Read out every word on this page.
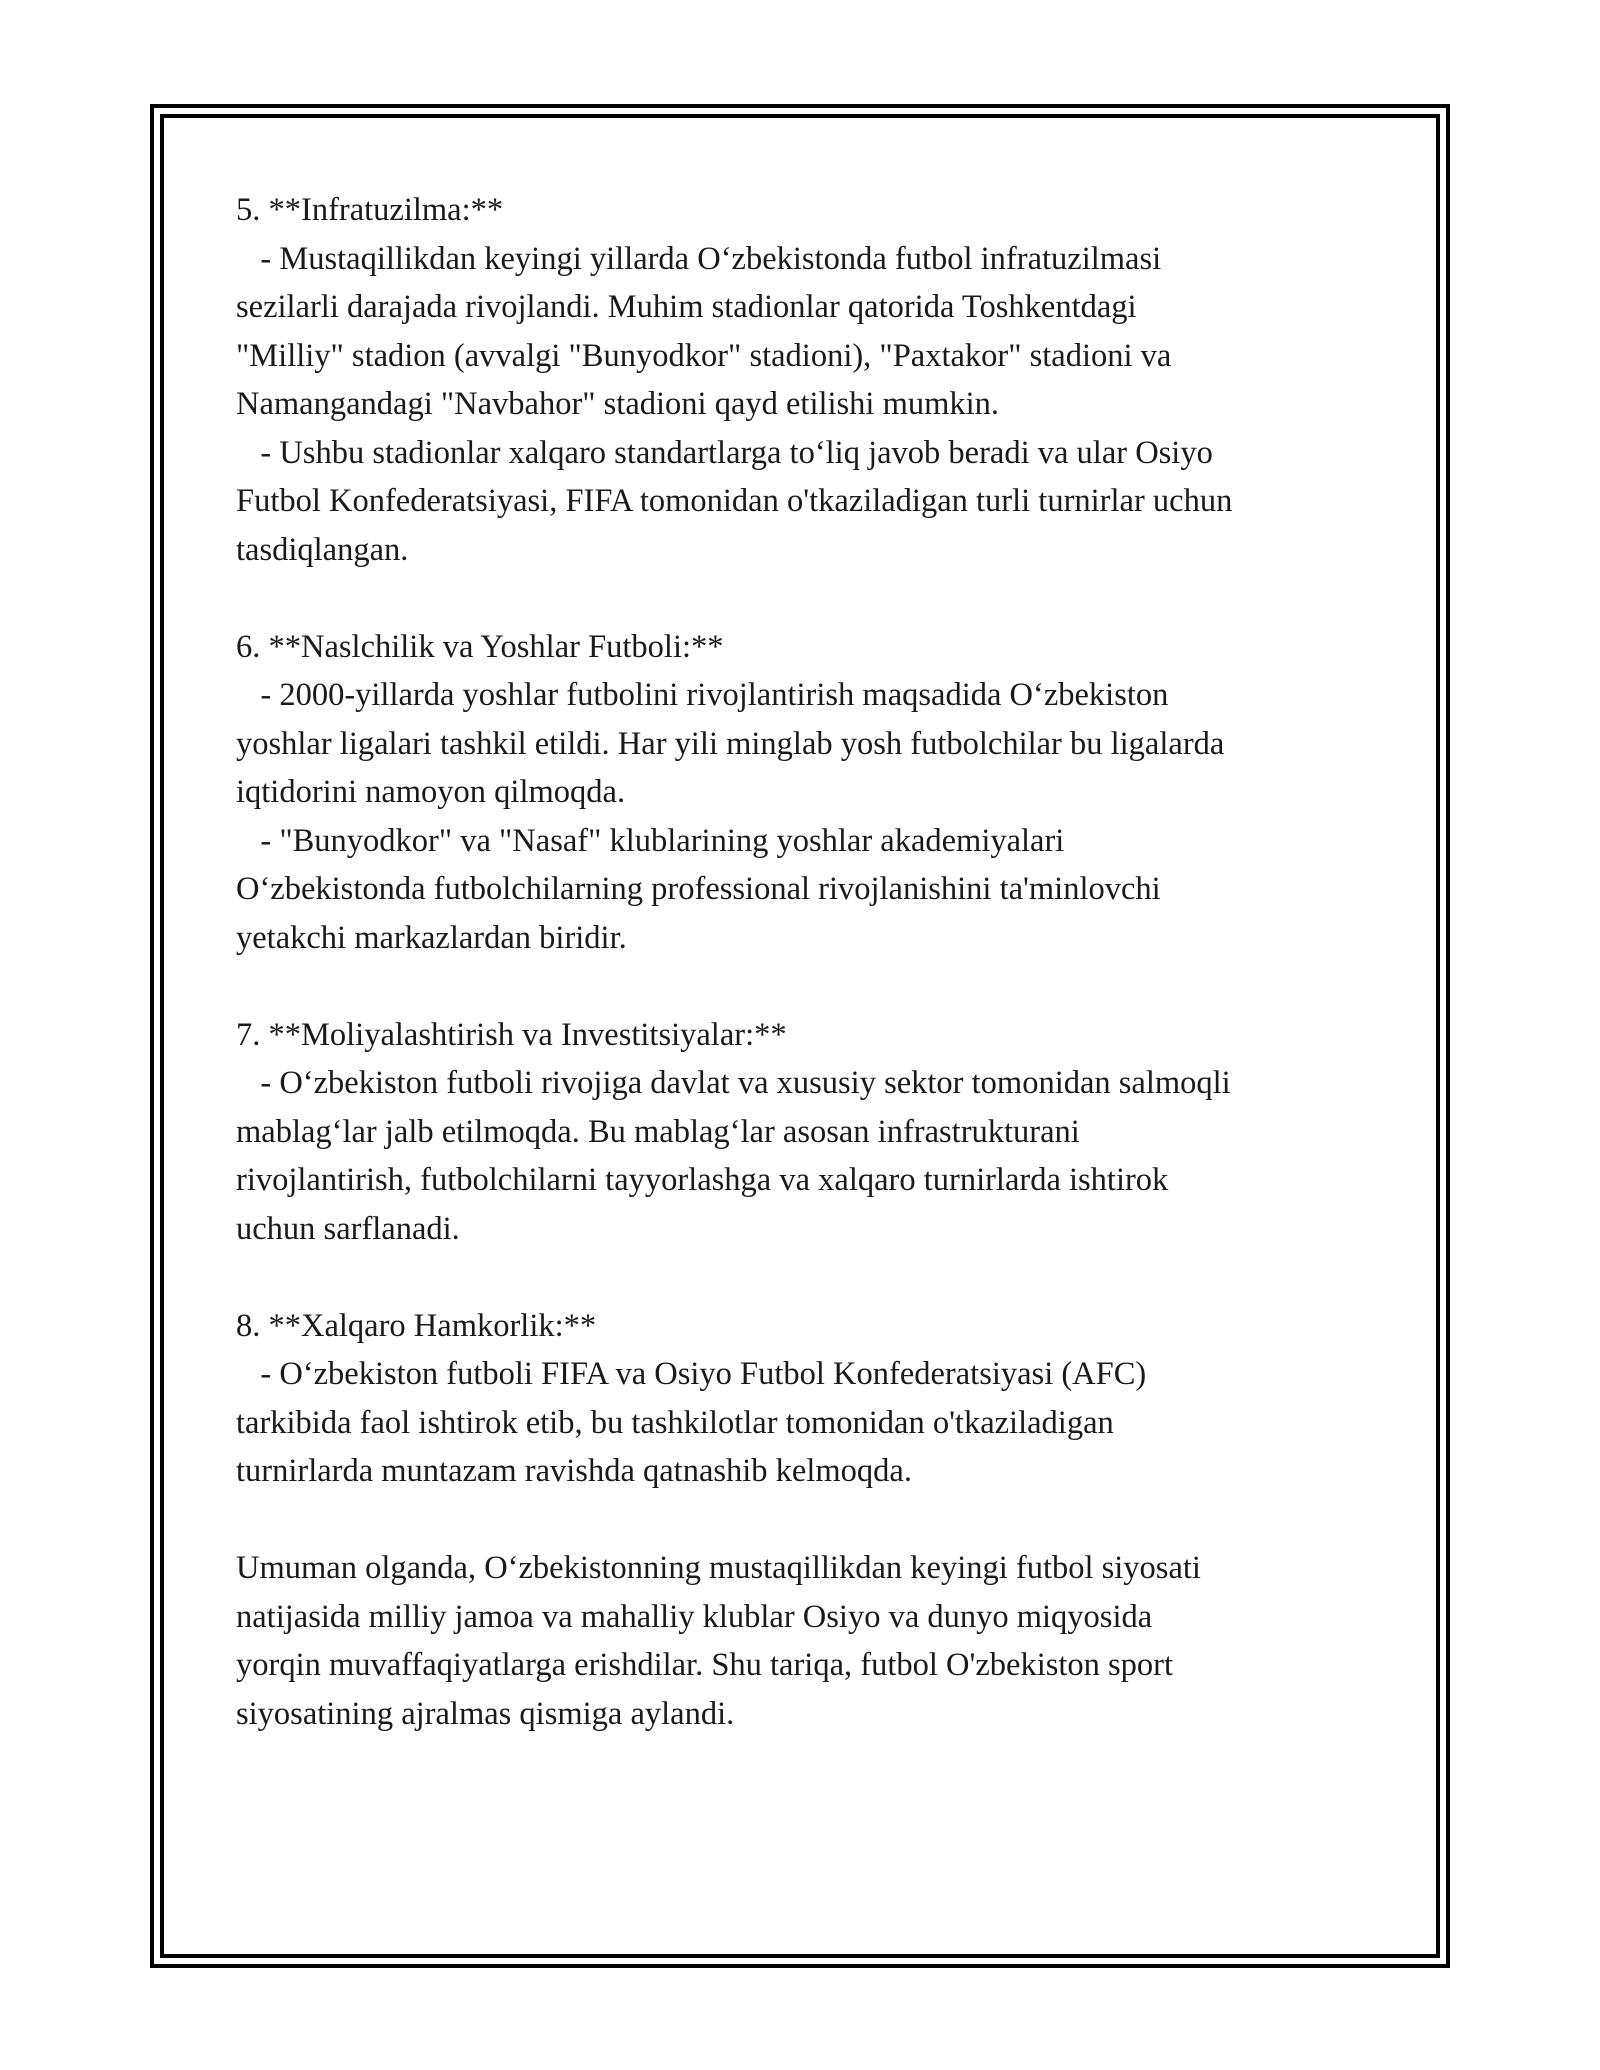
5. **Infratuzilma:**
- Mustaqillikdan keyingi yillarda O‘zbekistonda futbol infratuzilmasi
sezilarli darajada rivojlandi. Muhim stadionlar qatorida Toshkentdagi
"Milliy" stadion (avvalgi "Bunyodkor" stadioni), "Paxtakor" stadioni va
Namangandagi "Navbahor" stadioni qayd etilishi mumkin.
- Ushbu stadionlar xalqaro standartlarga to‘liq javob beradi va ular Osiyo
Futbol Konfederatsiyasi, FIFA tomonidan o'tkaziladigan turli turnirlar uchun
tasdiqlangan.
6. **Naslchilik va Yoshlar Futboli:**
- 2000-yillarda yoshlar futbolini rivojlantirish maqsadida O‘zbekiston
yoshlar ligalari tashkil etildi. Har yili minglab yosh futbolchilar bu ligalarda
iqtidorini namoyon qilmoqda.
- "Bunyodkor" va "Nasaf" klublarining yoshlar akademiyalari
O‘zbekistonda futbolchilarning professional rivojlanishini ta'minlovchi
yetakchi markazlardan biridir.
7. **Moliyalashtirish va Investitsiyalar:**
- O‘zbekiston futboli rivojiga davlat va xususiy sektor tomonidan salmoqli
mablag‘lar jalb etilmoqda. Bu mablag‘lar asosan infrastrukturani
rivojlantirish, futbolchilarni tayyorlashga va xalqaro turnirlarda ishtirok
uchun sarflanadi.
8. **Xalqaro Hamkorlik:**
- O‘zbekiston futboli FIFA va Osiyo Futbol Konfederatsiyasi (AFC)
tarkibida faol ishtirok etib, bu tashkilotlar tomonidan o'tkaziladigan
turnirlarda muntazam ravishda qatnashib kelmoqda.
Umuman olganda, O‘zbekistonning mustaqillikdan keyingi futbol siyosati
natijasida milliy jamoa va mahalliy klublar Osiyo va dunyo miqyosida
yorqin muvaffaqiyatlarga erishdilar. Shu tariqa, futbol O'zbekiston sport
siyosatining ajralmas qismiga aylandi.
